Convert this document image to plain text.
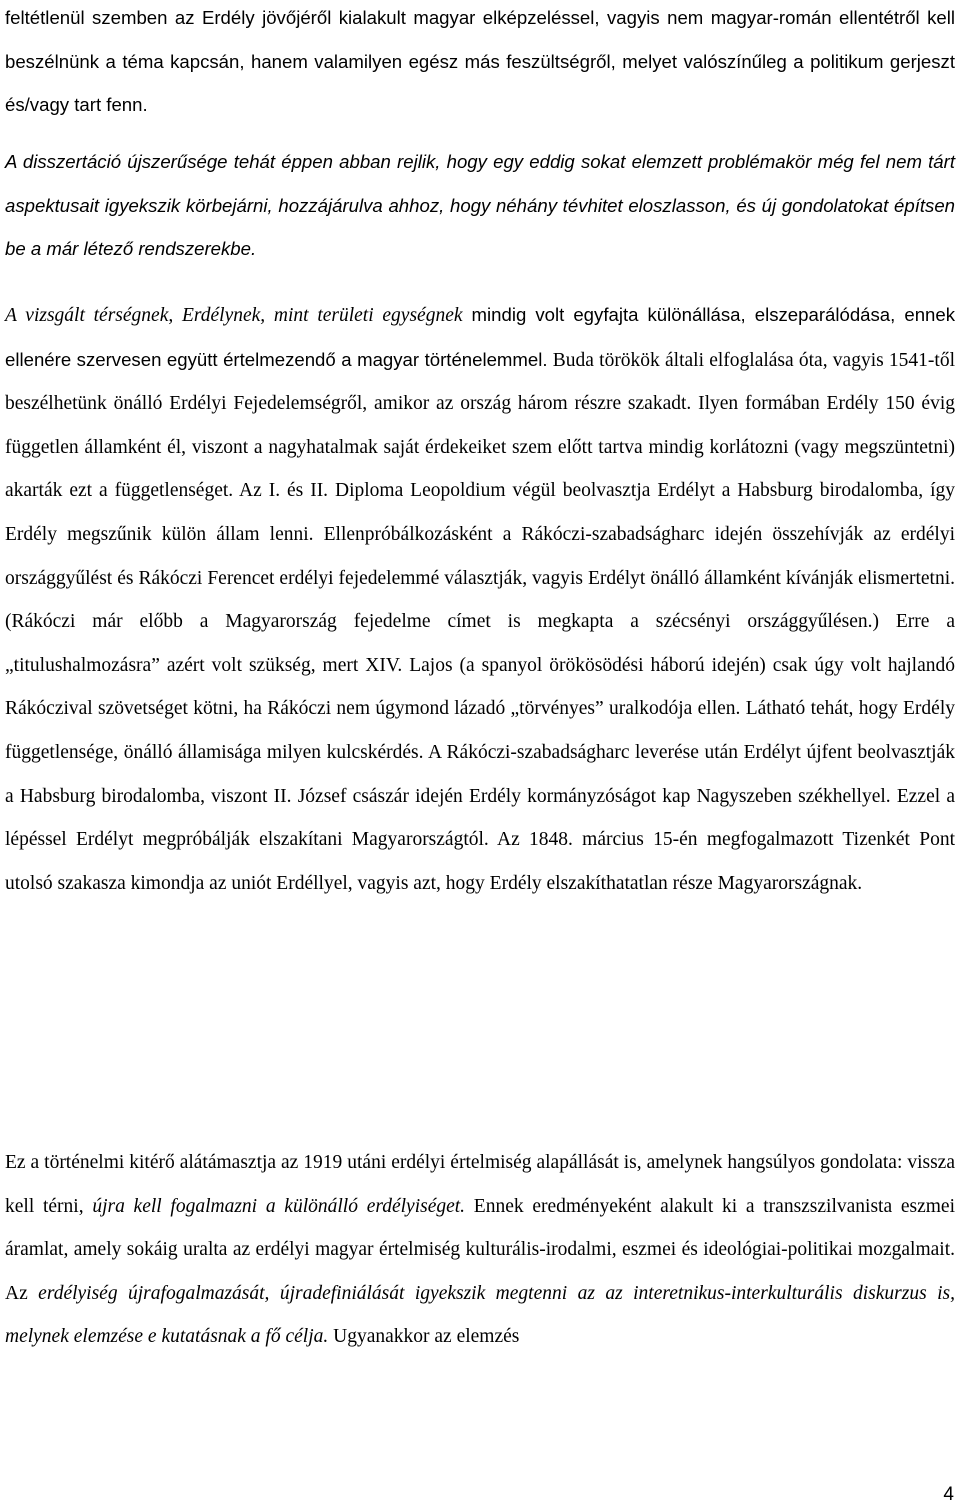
feltétlenül szemben az Erdély jövőjéről kialakult magyar elképzeléssel, vagyis nem magyar-román ellentétről kell beszélnünk a téma kapcsán, hanem valamilyen egész más feszültségről, melyet valószínűleg a politikum gerjeszt és/vagy tart fenn.

A disszertáció újszerűsége tehát éppen abban rejlik, hogy egy eddig sokat elemzett problémakör még fel nem tárt aspektusait igyekszik körbejárni, hozzájárulva ahhoz, hogy néhány tévhitet eloszlasson, és új gondolatokat építsen be a már létező rendszerekbe.

A vizsgált térségnek, Erdélynek, mint területi egységnek mindig volt egyfajta különállása, elszeparálódása, ennek ellenére szervesen együtt értelmezendő a magyar történelemmel. Buda törökök általi elfoglalása óta, vagyis 1541-től beszélhetünk önálló Erdélyi Fejedelemségről, amikor az ország három részre szakadt. Ilyen formában Erdély 150 évig független államként él, viszont a nagyhatalmak saját érdekeiket szem előtt tartva mindig korlátozni (vagy megszüntetni) akarták ezt a függetlenséget. Az I. és II. Diploma Leopoldium végül beolvasztja Erdélyt a Habsburg birodalomba, így Erdély megszűnik külön állam lenni. Ellenpróbálkozásként a Rákóczi-szabadságharc idején összehívják az erdélyi országgyűlést és Rákóczi Ferencet erdélyi fejedelemmé választják, vagyis Erdélyt önálló államként kívánják elismertetni. (Rákóczi már előbb a Magyarország fejedelme címet is megkapta a szécsényi országgyűlésen.) Erre a „titulushalmozásra” azért volt szükség, mert XIV. Lajos (a spanyol örökösödési háború idején) csak úgy volt hajlandó Rákóczival szövetséget kötni, ha Rákóczi nem úgymond lázadó „törvényes” uralkodója ellen. Látható tehát, hogy Erdély függetlensége, önálló államisága milyen kulcskérdés. A Rákóczi-szabadságharc leverése után Erdélyt újfent beolvasztják a Habsburg birodalomba, viszont II. József császár idején Erdély kormányzóságot kap Nagyszeben székhellyel. Ezzel a lépéssel Erdélyt megpróbálják elszakítani Magyarországtól. Az 1848. március 15-én megfogalmazott Tizenkét Pont utolsó szakasza kimondja az uniót Erdéllyel, vagyis azt, hogy Erdély elszakíthatatlan része Magyarországnak.

Ez a történelmi kitérő alátámasztja az 1919 utáni erdélyi értelmiség alapállását is, amelynek hangsúlyos gondolata: vissza kell térni, újra kell fogalmazni a különálló erdélyiséget. Ennek eredményeként alakult ki a transzszilvanista eszmei áramlat, amely sokáig uralta az erdélyi magyar értelmiség kulturális-irodalmi, eszmei és ideológiai-politikai mozgalmait. Az erdélyiség újrafogalmazását, újradefiniálását igyekszik megtenni az az interetnikus-interkulturális diskurzus is, melynek elemzése e kutatásnak a fő célja. Ugyanakkor az elemzés

4
